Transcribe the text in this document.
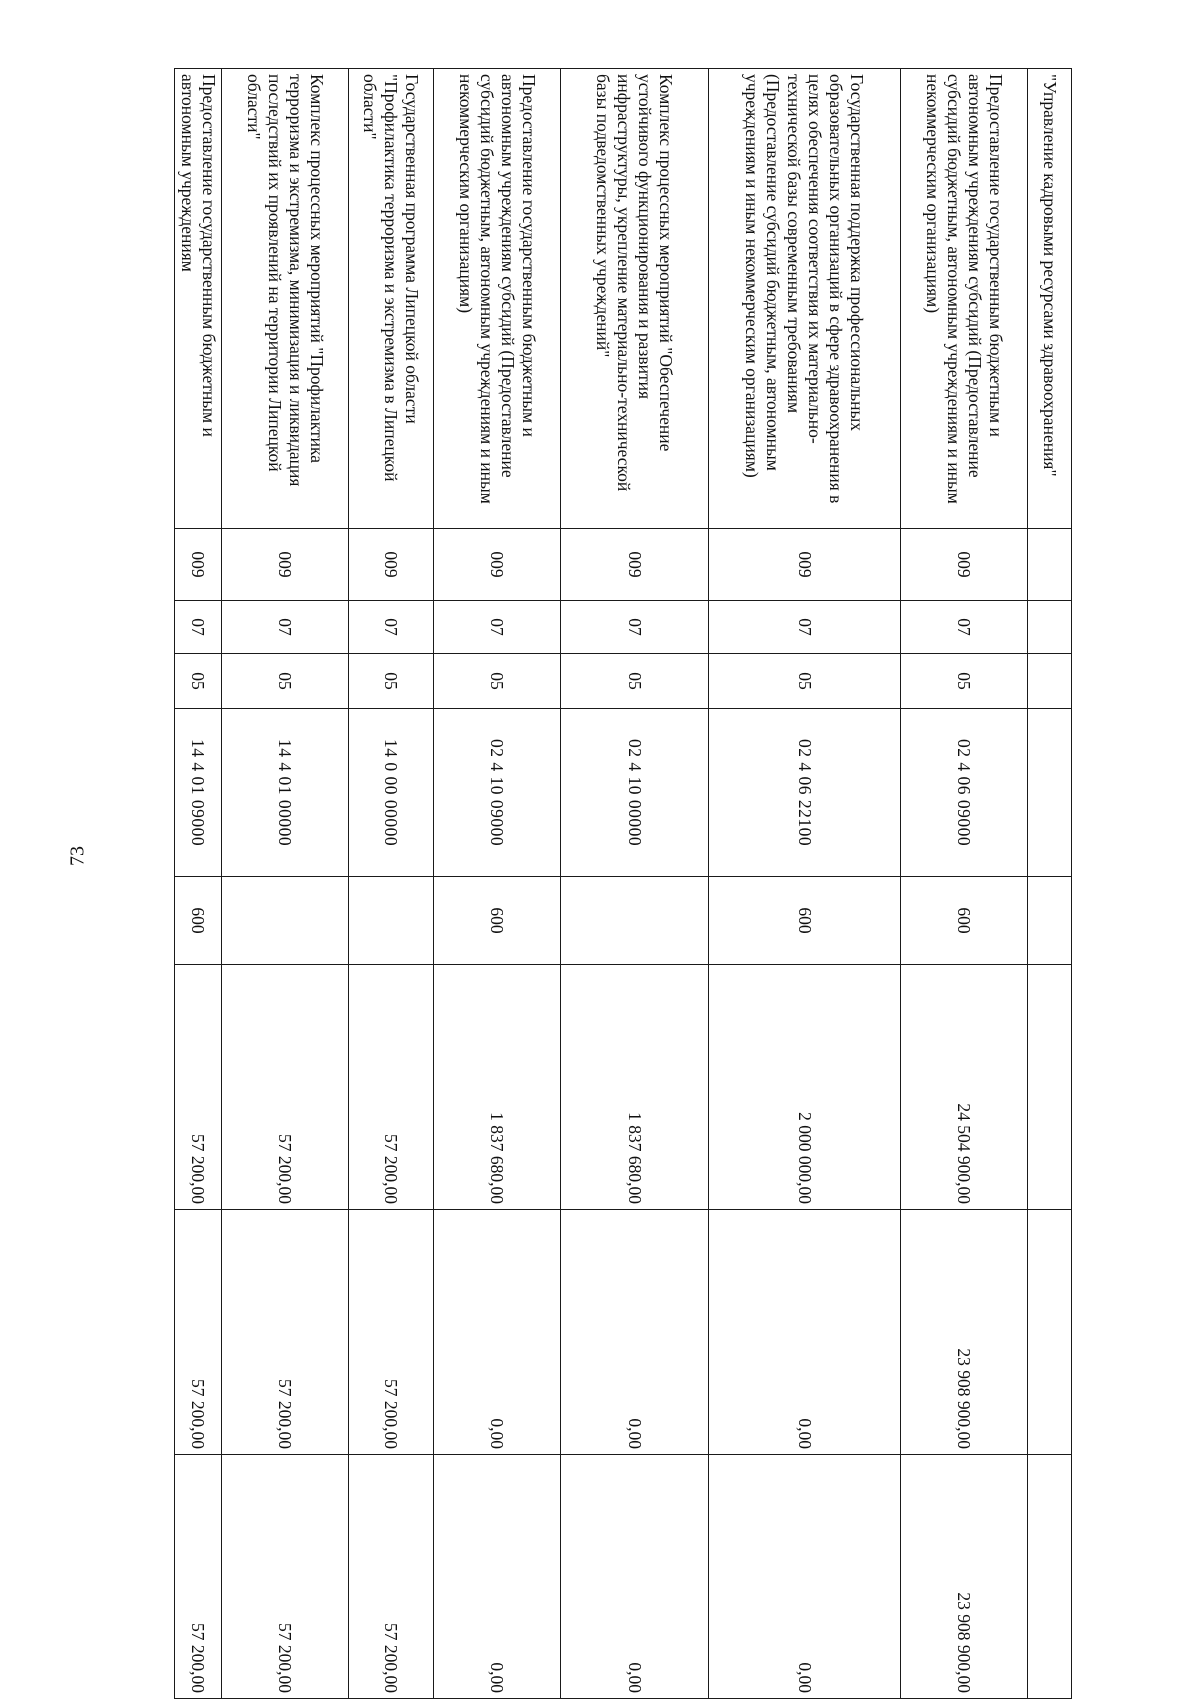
73
"Управление кадровыми ресурсами здравоохранения"								
Предоставление государственным бюджетным и автономным учреждениям субсидий (Предоставление субсидий бюджетным, автономным учреждениям и иным некоммерческим организациям)	009	07	05	02 4 06 09000	600	24 504 900,00	23 908 900,00	23 908 900,00
Государственная поддержка профессиональных образовательных организаций в сфере здравоохранения в целях обеспечения соответствия их материально-технической базы современным требованиям (Предоставление субсидий бюджетным, автономным учреждениям и иным некоммерческим организациям)	009	07	05	02 4 06 22100	600	2 000 000,00	0,00	0,00
Комплекс процессных мероприятий "Обеспечение устойчивого функционирования и развития инфраструктуры, укрепление материально-технической базы подведомственных учреждений"	009	07	05	02 4 10 00000		1 837 680,00	0,00	0,00
Предоставление государственным бюджетным и автономным учреждениям субсидий (Предоставление субсидий бюджетным, автономным учреждениям и иным некоммерческим организациям)	009	07	05	02 4 10 09000	600	1 837 680,00	0,00	0,00
Государственная программа Липецкой области "Профилактика терроризма и экстремизма в Липецкой области"	009	07	05	14 0 00 00000		57 200,00	57 200,00	57 200,00
Комплекс процессных мероприятий "Профилактика терроризма и экстремизма, минимизация и ликвидация последствий их проявлений на территории Липецкой области"	009	07	05	14 4 01 00000		57 200,00	57 200,00	57 200,00
Предоставление государственным бюджетным и автономным учреждениям	009	07	05	14 4 01 09000	600	57 200,00	57 200,00	57 200,00
